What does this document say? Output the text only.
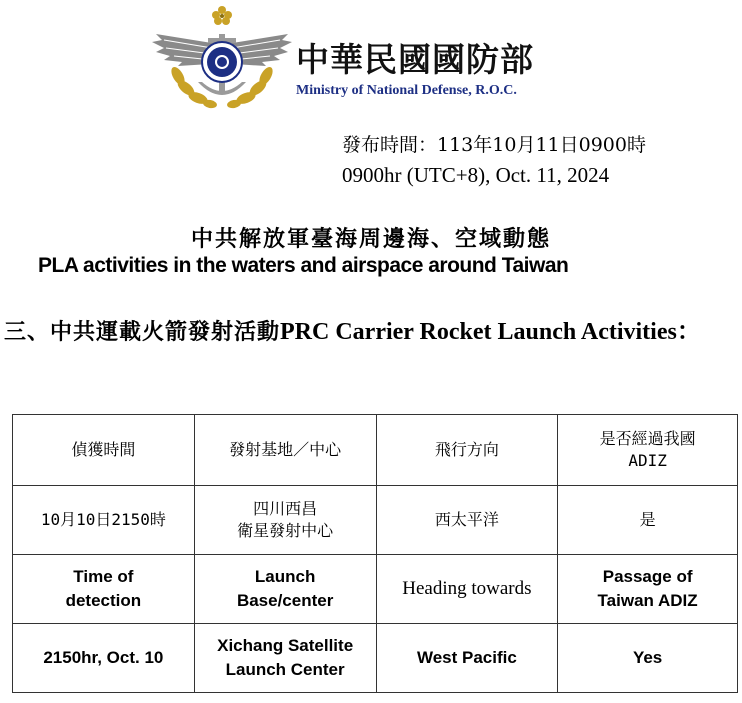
中華民國國防部
Ministry of National Defense, R.O.C.
發布時間：113年10月11日0900時
0900hr (UTC+8), Oct. 11, 2024
中共解放軍臺海周邊海、空域動態
PLA activities in the waters and airspace around Taiwan
三、中共運載火箭發射活動PRC Carrier Rocket Launch Activities：
偵獲時間	發射基地／中心	飛行方向	是否經過我國
ADIZ

10月10日2150時	四川西昌
衛星發射中心	西太平洋	是

Time of
detection	Launch
Base/center	Heading towards	Passage of
Taiwan ADIZ

2150hr, Oct. 10	Xichang Satellite
Launch Center	West Pacific	Yes
